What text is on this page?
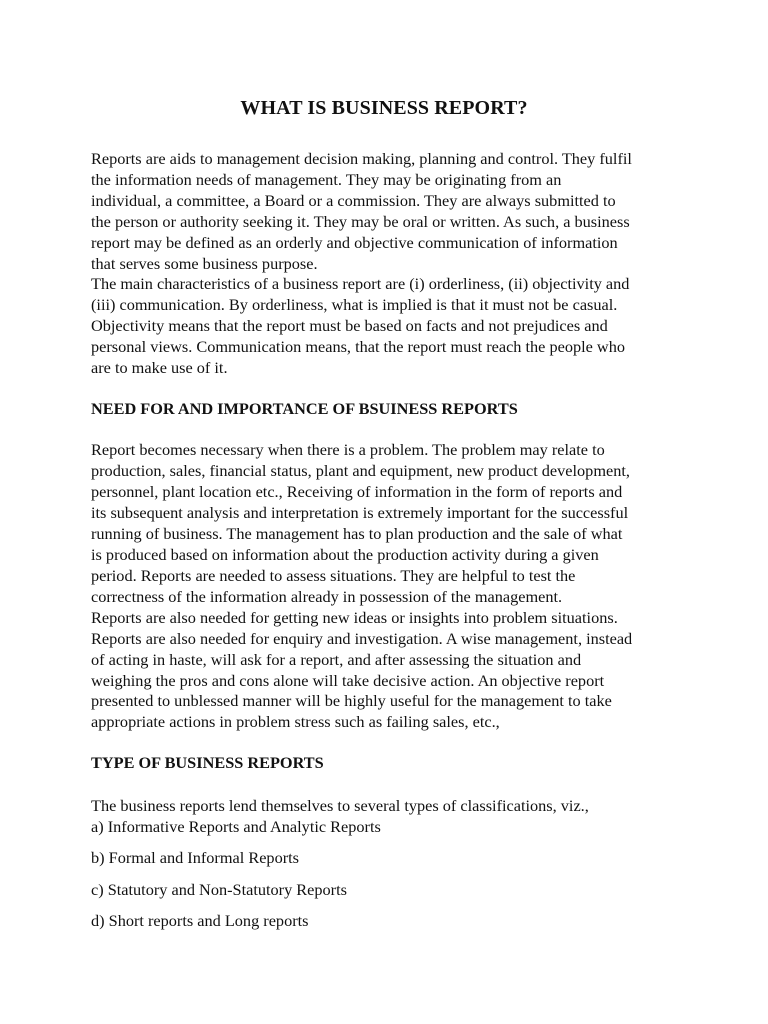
WHAT IS BUSINESS REPORT?
Reports are aids to management decision making, planning and control. They fulfil
the information needs of management. They may be originating from an
individual, a committee, a Board or a commission. They are always submitted to
the person or authority seeking it. They may be oral or written. As such, a business
report may be defined as an orderly and objective communication of information
that serves some business purpose.
The main characteristics of a business report are (i) orderliness, (ii) objectivity and
(iii) communication. By orderliness, what is implied is that it must not be casual.
Objectivity means that the report must be based on facts and not prejudices and
personal views. Communication means, that the report must reach the people who
are to make use of it.
NEED FOR AND IMPORTANCE OF BSUINESS REPORTS
Report becomes necessary when there is a problem. The problem may relate to
production, sales, financial status, plant and equipment, new product development,
personnel, plant location etc., Receiving of information in the form of reports and
its subsequent analysis and interpretation is extremely important for the successful
running of business. The management has to plan production and the sale of what
is produced based on information about the production activity during a given
period. Reports are needed to assess situations. They are helpful to test the
correctness of the information already in possession of the management.
Reports are also needed for getting new ideas or insights into problem situations.
Reports are also needed for enquiry and investigation. A wise management, instead
of acting in haste, will ask for a report, and after assessing the situation and
weighing the pros and cons alone will take decisive action. An objective report
presented to unblessed manner will be highly useful for the management to take
appropriate actions in problem stress such as failing sales, etc.,
TYPE OF BUSINESS REPORTS
The business reports lend themselves to several types of classifications, viz.,
a) Informative Reports and Analytic Reports
b) Formal and Informal Reports
c) Statutory and Non-Statutory Reports
d) Short reports and Long reports
